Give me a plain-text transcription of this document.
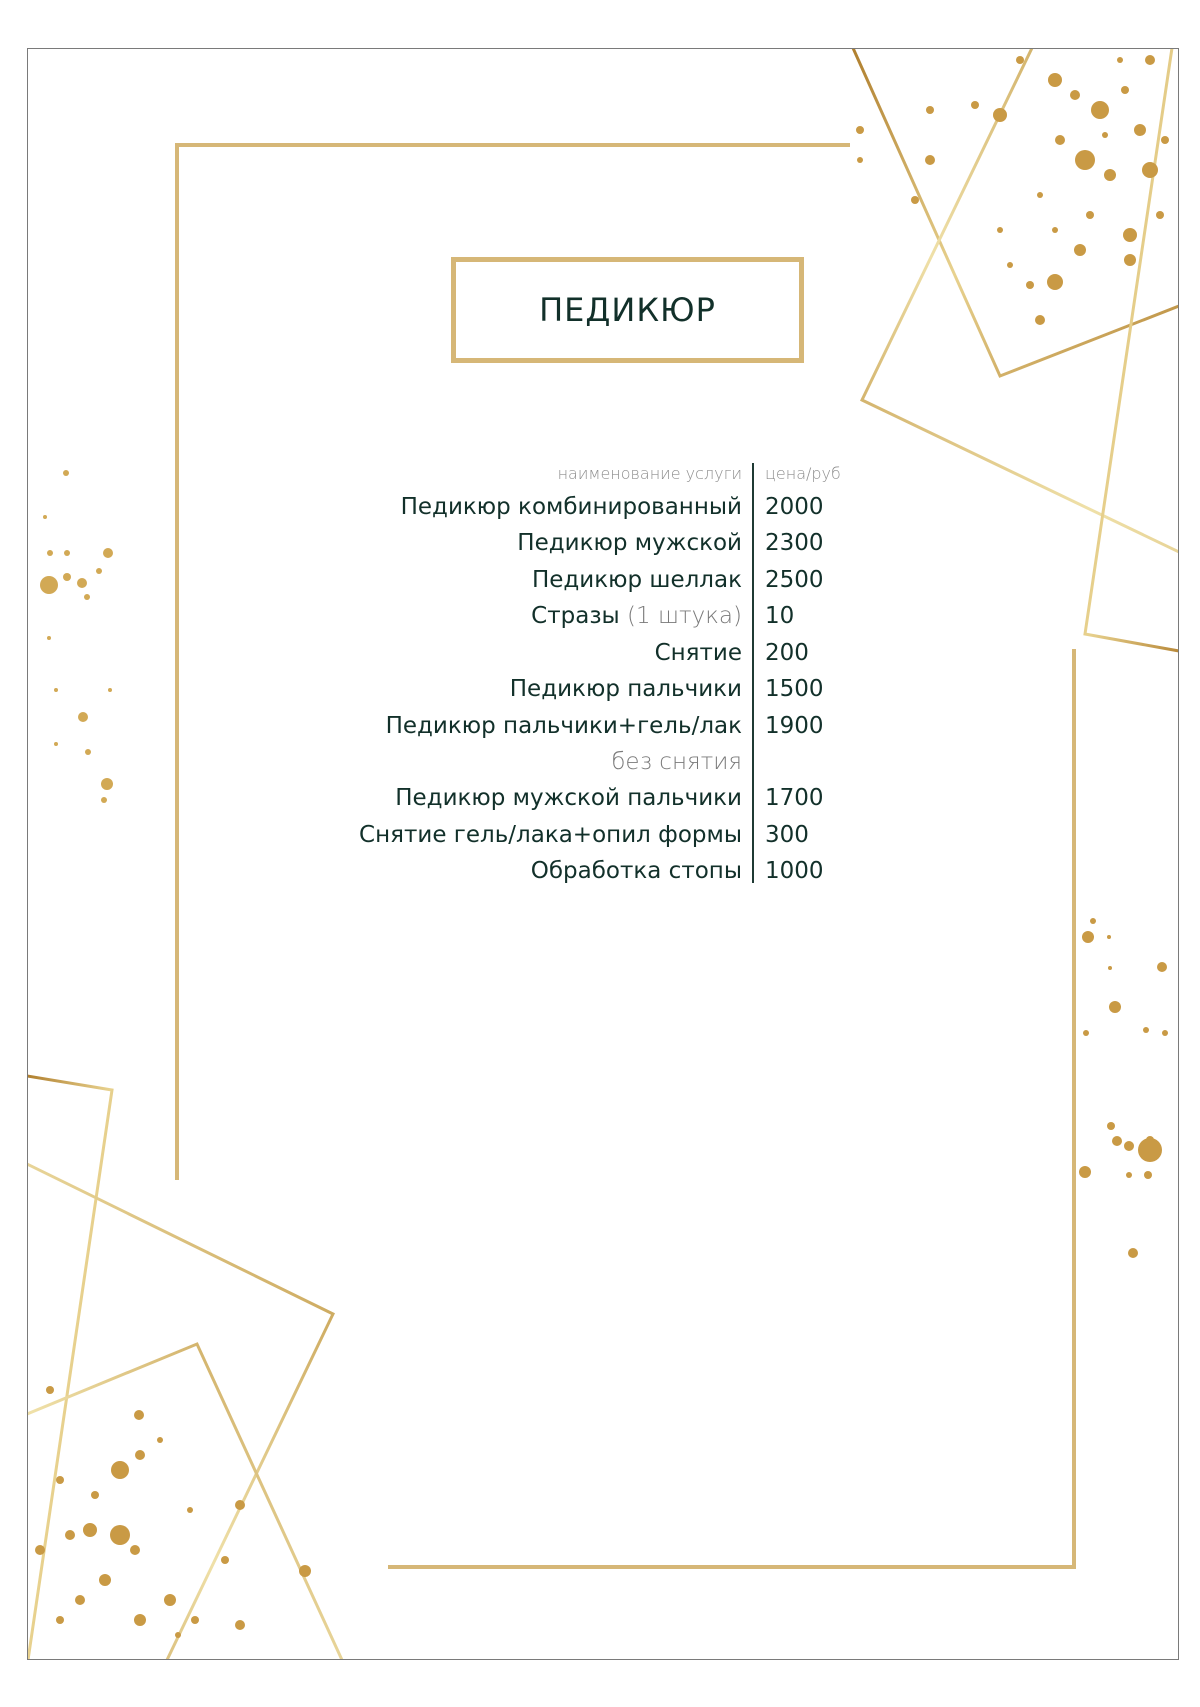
ПЕДИКЮР
наименование услуги цена/руб
Педикюр комбинированный 2000
Педикюр мужской 2300
Педикюр шеллак 2500
Стразы (1 штука) 10
Снятие 200
Педикюр пальчики 1500
Педикюр пальчики+гель/лак 1900
без снятия
Педикюр мужской пальчики 1700
Снятие гель/лака+опил формы 300
Обработка стопы 1000
